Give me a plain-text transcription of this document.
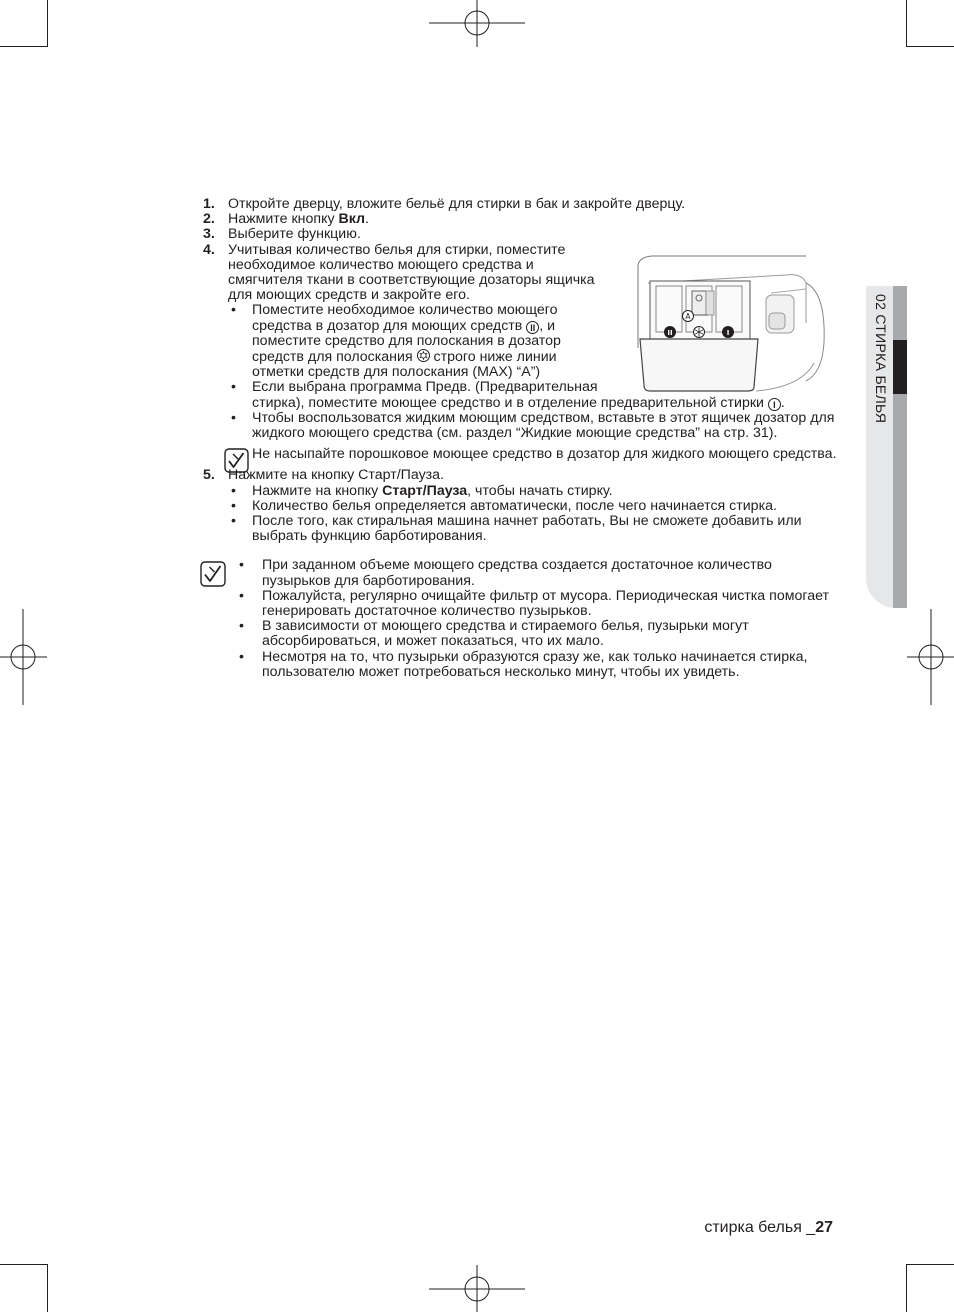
1. Откройте дверцу, вложите бельё для стирки в бак и закройте дверцу.
2. Нажмите кнопку Вкл.
3. Выберите функцию.
4. Учитывая количество белья для стирки, поместите
необходимое количество моющего средства и
смягчителя ткани в соответствующие дозаторы ящичка
для моющих средств и закройте его.
• Поместите необходимое количество моющего
средства в дозатор для моющих средств II , и
поместите средство для полоскания в дозатор
средств для полоскания  строго ниже линии
отметки средств для полоскания (MAX) “A”)
• Если выбрана программа Предв. (Предварительная
стирка), поместите моющее средство и в отделение предварительной стирки I .
• Чтобы воспользоватся жидким моющим средством, вставьте в этот ящичек дозатор для жидкого моющего средства (см. раздел “Жидкие моющие средства” на стр. 31).
Не насыпайте порошковое моющее средство в дозатор для жидкого моющего средства.
5. Нажмите на кнопку Старт/Пауза.
• Нажмите на кнопку Старт/Пауза, чтобы начать стирку.
• Количество белья определяется автоматически, после чего начинается стирка.
• После того, как стиральная машина начнет работать, Вы не сможете добавить или выбрать функцию барботирования.
• При заданном объеме моющего средства создается достаточное количество пузырьков для барботирования.
• Пожалуйста, регулярно очищайте фильтр от мусора. Периодическая чистка помогает генерировать достаточное количество пузырьков.
• В зависимости от моющего средства и стираемого белья, пузырьки могут абсорбироваться, и может показаться, что их мало.
• Несмотря на то, что пузырьки образуются сразу же, как только начинается стирка, пользователю может потребоваться несколько минут, чтобы их увидеть.
A
II	I	02 СТИРКА БЕЛЬЯ
стирка белья _27
